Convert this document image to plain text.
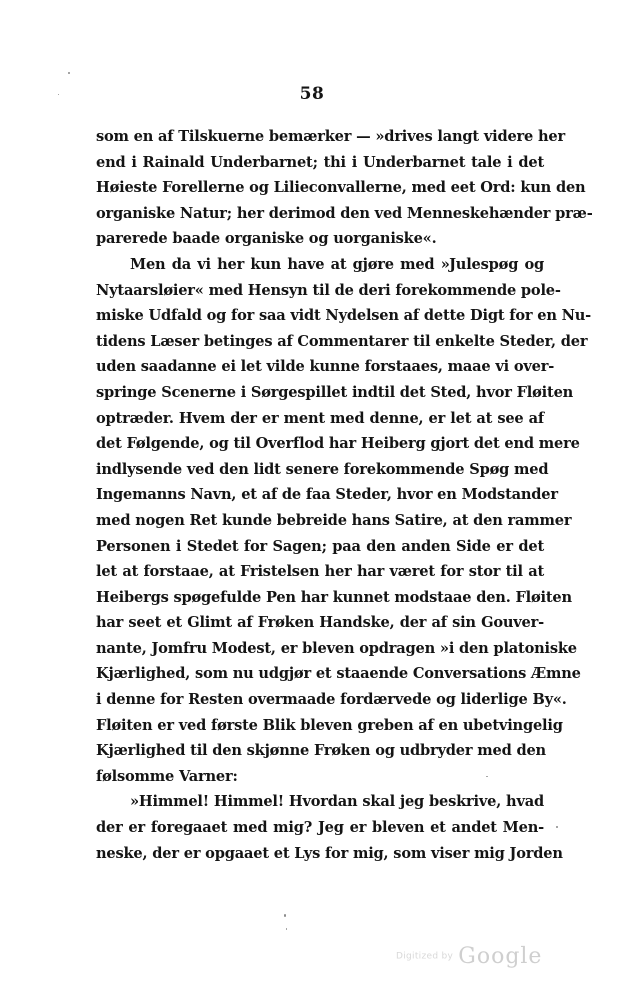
58
som en af Tilskuerne bemærker — »drives langt videre her
end i Rainald Underbarnet; thi i Underbarnet tale i det
Høieste Forellerne og Lilieconvallerne, med eet Ord: kun den
organiske Natur; her derimod den ved Menneskehænder præ-
parerede baade organiske og uorganiske«.
Men da vi her kun have at gjøre med »Julespøg og
Nytaarsløier« med Hensyn til de deri forekommende pole-
miske Udfald og for saa vidt Nydelsen af dette Digt for en Nu-
tidens Læser betinges af Commentarer til enkelte Steder, der
uden saadanne ei let vilde kunne forstaaes, maae vi over-
springe Scenerne i Sørgespillet indtil det Sted, hvor Fløiten
optræder. Hvem der er ment med denne, er let at see af
det Følgende, og til Overflod har Heiberg gjort det end mere
indlysende ved den lidt senere forekommende Spøg med
Ingemanns Navn, et af de faa Steder, hvor en Modstander
med nogen Ret kunde bebreide hans Satire, at den rammer
Personen i Stedet for Sagen; paa den anden Side er det
let at forstaae, at Fristelsen her har været for stor til at
Heibergs spøgefulde Pen har kunnet modstaae den. Fløiten
har seet et Glimt af Frøken Handske, der af sin Gouver-
nante, Jomfru Modest, er bleven opdragen »i den platoniske
Kjærlighed, som nu udgjør et staaende Conversations Æmne
i denne for Resten overmaade fordærvede og liderlige By«.
Fløiten er ved første Blik bleven greben af en ubetvingelig
Kjærlighed til den skjønne Frøken og udbryder med den
følsomme Varner:
»Himmel! Himmel! Hvordan skal jeg beskrive, hvad
der er foregaaet med mig? Jeg er bleven et andet Men-
neske, der er opgaaet et Lys for mig, som viser mig Jorden
Digitized by Google
